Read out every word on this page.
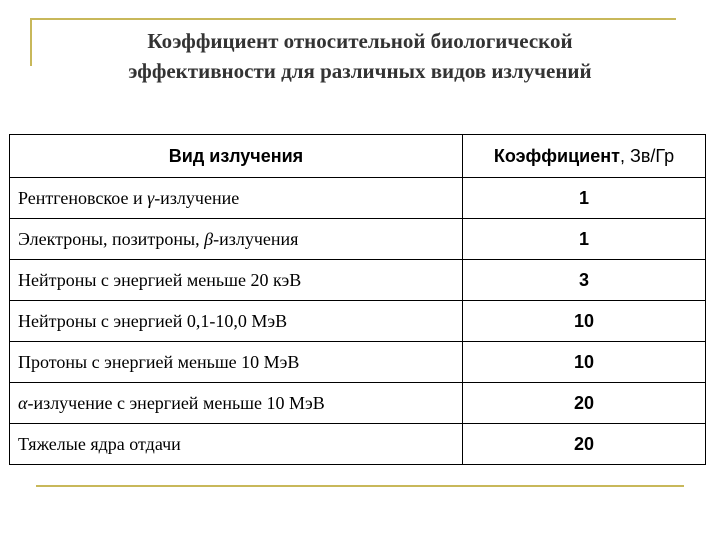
Коэффициент относительной биологической
эффективности для различных видов излучений
Вид излучения	Коэффициент, Зв/Гр
Рентгеновское и γ-излучение	1
Электроны, позитроны, β-излучения	1
Нейтроны с энергией меньше 20 кэВ	3
Нейтроны с энергией 0,1-10,0 МэВ	10
Протоны с энергией меньше 10 МэВ	10
α-излучение с энергией меньше 10 МэВ	20
Тяжелые ядра отдачи	20
